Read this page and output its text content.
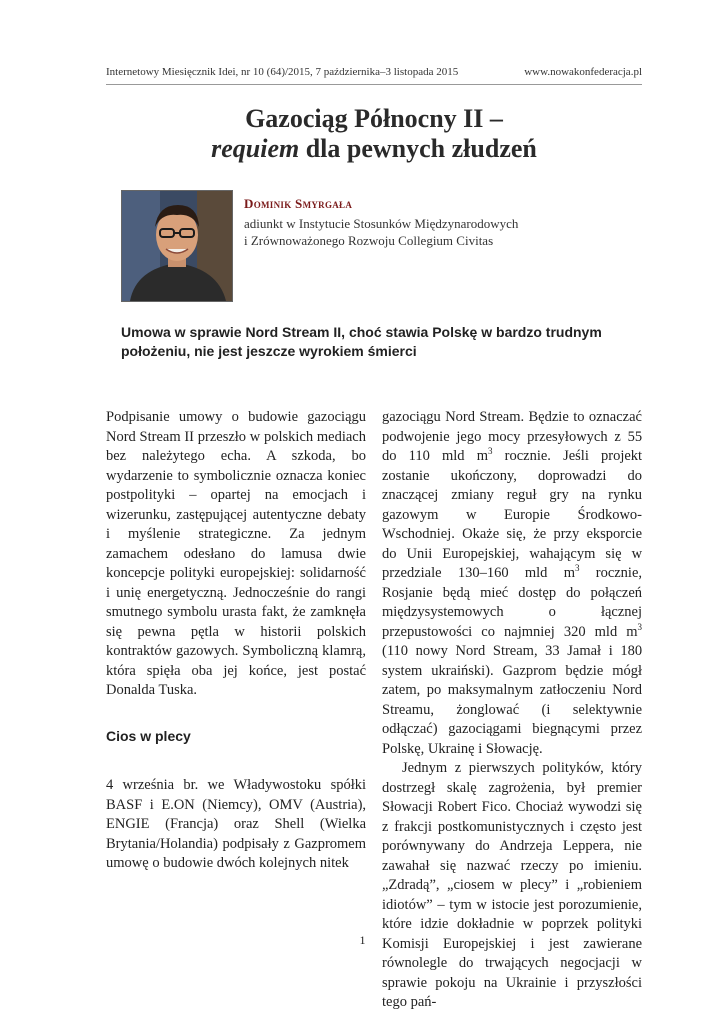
Internetowy Miesięcznik Idei, nr 10 (64)/2015, 7 października–3 listopada 2015	www.nowakonfederacja.pl
Gazociąg Północny II –
requiem dla pewnych złudzeń
Dominik Smyrgała
adiunkt w Instytucie Stosunków Międzynarodowych
i Zrównoważonego Rozwoju Collegium Civitas
Umowa w sprawie Nord Stream II, choć stawia Polskę w bardzo trudnym położeniu, nie jest jeszcze wyrokiem śmierci

Podpisanie umowy o budowie gazociągu Nord Stream II przeszło w polskich mediach bez należytego echa. A szkoda, bo wydarzenie to symbolicznie oznacza koniec postpolityki – opartej na emocjach i wizerunku, zastępującej autentyczne debaty i myślenie strategiczne. Za jednym zamachem odesłano do lamusa dwie koncepcje polityki europejskiej: solidarność i unię energetyczną. Jednocześnie do rangi smutnego symbolu urasta fakt, że zamknęła się pewna pętla w historii polskich kontraktów gazowych. Symboliczną klamrą, która spięła oba jej końce, jest postać Donalda Tuska.

Cios w plecy

4 września br. we Władywostoku spółki BASF i E.ON (Niemcy), OMV (Austria), ENGIE (Francja) oraz Shell (Wielka Brytania/Holandia) podpisały z Gazpromem umowę o budowie dwóch kolejnych nitek

gazociągu Nord Stream. Będzie to oznaczać podwojenie jego mocy przesyłowych z 55 do 110 mld $m^3$ rocznie. Jeśli projekt zostanie ukończony, doprowadzi do znaczącej zmiany reguł gry na rynku gazowym w Europie Środkowo-Wschodniej. Okaże się, że przy eksporcie do Unii Europejskiej, wahającym się w przedziale 130–160 mld $m^3$ rocznie, Rosjanie będą mieć dostęp do połączeń międzysystemowych	o	łącznej przepustowości co najmniej 320 mld $m^3$ (110 nowy Nord Stream, 33 Jamał i 180 system ukraiński). Gazprom będzie mógł zatem, po maksymalnym zatłoczeniu Nord Streamu, żonglować (i selektywnie odłączać) gazociągami biegnącymi przez Polskę, Ukrainę i Słowację.

Jednym z pierwszych polityków, który dostrzegł skalę zagrożenia, był premier Słowacji Robert Fico. Chociaż wywodzi się z frakcji postkomunistycznych i często jest porównywany do Andrzeja Leppera, nie zawahał się nazwać rzeczy po imieniu. „Zdradą”, „ciosem w plecy” i „robieniem idiotów” – tym w istocie jest porozumienie, które idzie dokładnie w poprzek polityki Komisji Europejskiej i jest zawierane równolegle do trwających negocjacji w sprawie pokoju na Ukrainie i przyszłości tego pań-

1
